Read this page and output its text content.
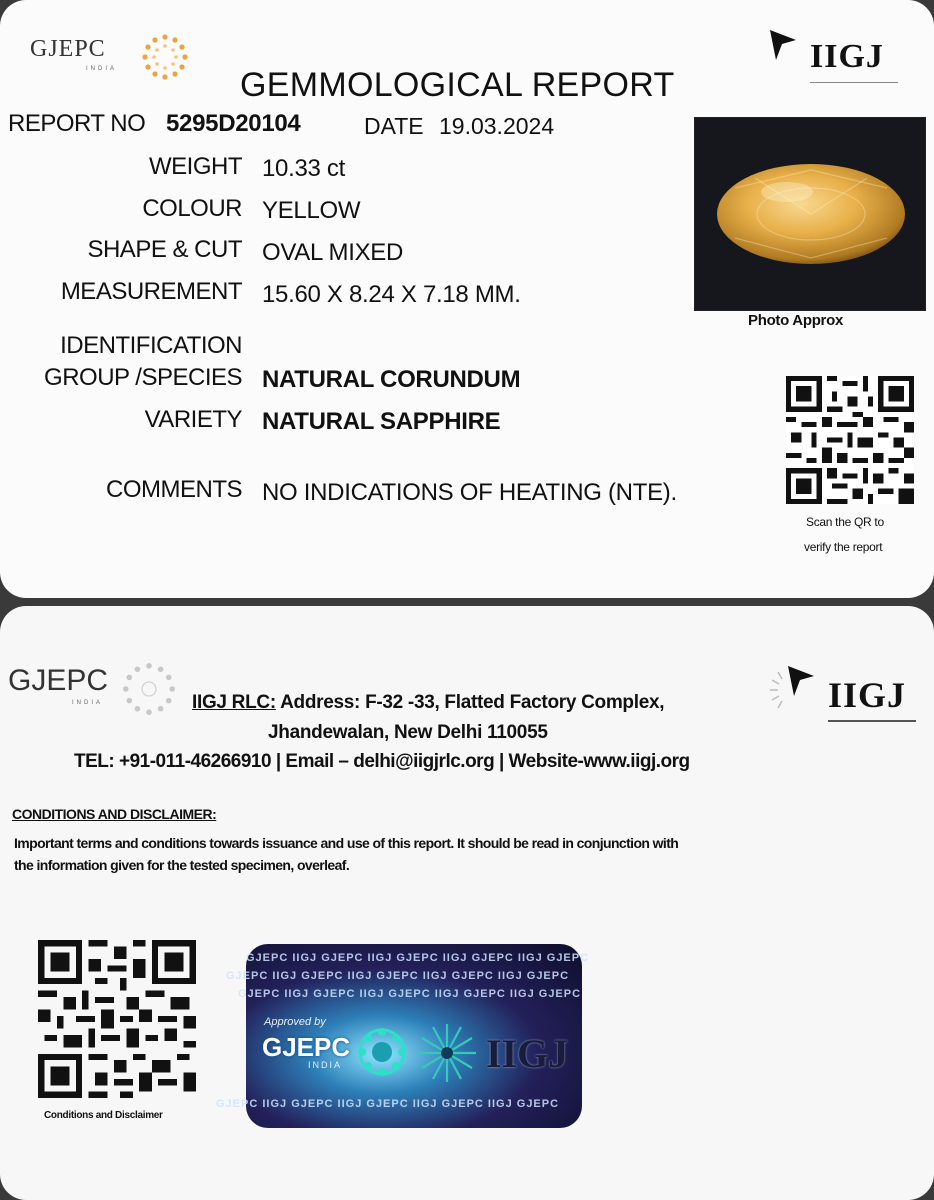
GJEPC
INDIA	IIGJ
GEMMOLOGICAL REPORT
REPORT NO 5295D20104	DATE 19.03.2024
WEIGHT 10.33 ct
COLOUR YELLOW
SHAPE & CUT OVAL MIXED
MEASUREMENT 15.60 X 8.24 X 7.18 MM.
IDENTIFICATION
GROUP /SPECIES NATURAL CORUNDUM
VARIETY NATURAL SAPPHIRE
COMMENTS NO INDICATIONS OF HEATING (NTE).
Photo Approx
Scan the QR to
verify the report
GJEPC
INDIA	IIGJ
IIGJ RLC: Address: F-32 -33, Flatted Factory Complex,
Jhandewalan, New Delhi 110055
TEL: +91-011-46266910 | Email – delhi@iigjrlc.org | Website-www.iigj.org
CONDITIONS AND DISCLAIMER:
Important terms and conditions towards issuance and use of this report. It should be read in conjunction with
the information given for the tested specimen, overleaf.
Conditions and Disclaimer
GJEPC IIGJ GJEPC IIGJ GJEPC IIGJ GJEPC IIGJ GJEPC
GJEPC IIGJ GJEPC IIGJ GJEPC IIGJ GJEPC IIGJ GJEPC
GJEPC IIGJ GJEPC IIGJ GJEPC IIGJ GJEPC IIGJ GJEPC
Approved by
GJEPC
INDIA	IIGJ
GJEPC IIGJ GJEPC IIGJ GJEPC IIGJ GJEPC IIGJ GJEPC
